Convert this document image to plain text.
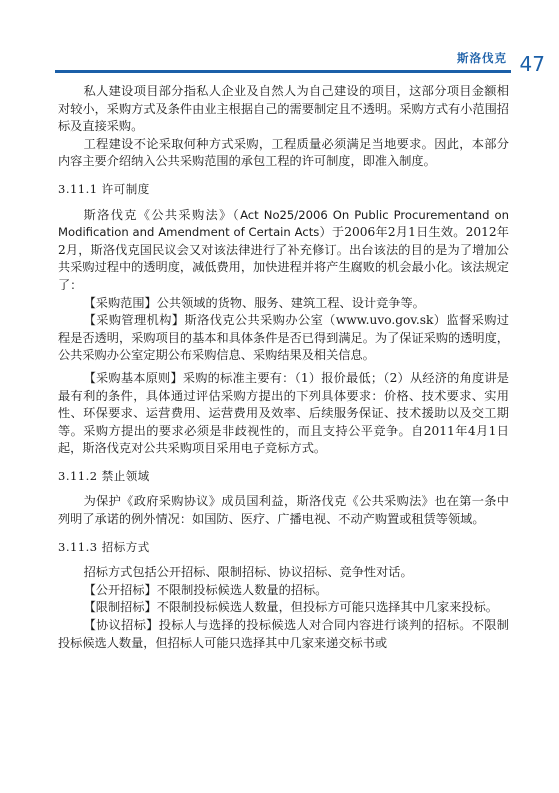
斯洛伐克 47

私人建设项目部分指私人企业及自然人为自己建设的项目，这部分项目金额相对较小，采购方式及条件由业主根据自己的需要制定且不透明。采购方式有小范围招标及直接采购。

工程建设不论采取何种方式采购，工程质量必须满足当地要求。因此，本部分内容主要介绍纳入公共采购范围的承包工程的许可制度，即准入制度。

3.11.1 许可制度

斯洛伐克《公共采购法》（Act No25/2006 On Public Procurementand on Modification and Amendment of Certain Acts）于2006年2月1日生效。2012年2月，斯洛伐克国民议会又对该法律进行了补充修订。出台该法的目的是为了增加公共采购过程中的透明度，减低费用，加快进程并将产生腐败的机会最小化。该法规定了：

【采购范围】公共领域的货物、服务、建筑工程、设计竞争等。

【采购管理机构】斯洛伐克公共采购办公室（www.uvo.gov.sk）监督采购过程是否透明，采购项目的基本和具体条件是否已得到满足。为了保证采购的透明度，公共采购办公室定期公布采购信息、采购结果及相关信息。

【采购基本原则】采购的标准主要有：（1）报价最低；（2）从经济的角度讲是最有利的条件，具体通过评估采购方提出的下列具体要求：价格、技术要求、实用性、环保要求、运营费用、运营费用及效率、后续服务保证、技术援助以及交工期等。采购方提出的要求必须是非歧视性的，而且支持公平竞争。自2011年4月1日起，斯洛伐克对公共采购项目采用电子竞标方式。

3.11.2 禁止领域

为保护《政府采购协议》成员国利益，斯洛伐克《公共采购法》也在第一条中列明了承诺的例外情况：如国防、医疗、广播电视、不动产购置或租赁等领域。

3.11.3 招标方式

招标方式包括公开招标、限制招标、协议招标、竞争性对话。

【公开招标】不限制投标候选人数量的招标。

【限制招标】不限制投标候选人数量，但投标方可能只选择其中几家来投标。

【协议招标】投标人与选择的投标候选人对合同内容进行谈判的招标。不限制投标候选人数量，但招标人可能只选择其中几家来递交标书或
